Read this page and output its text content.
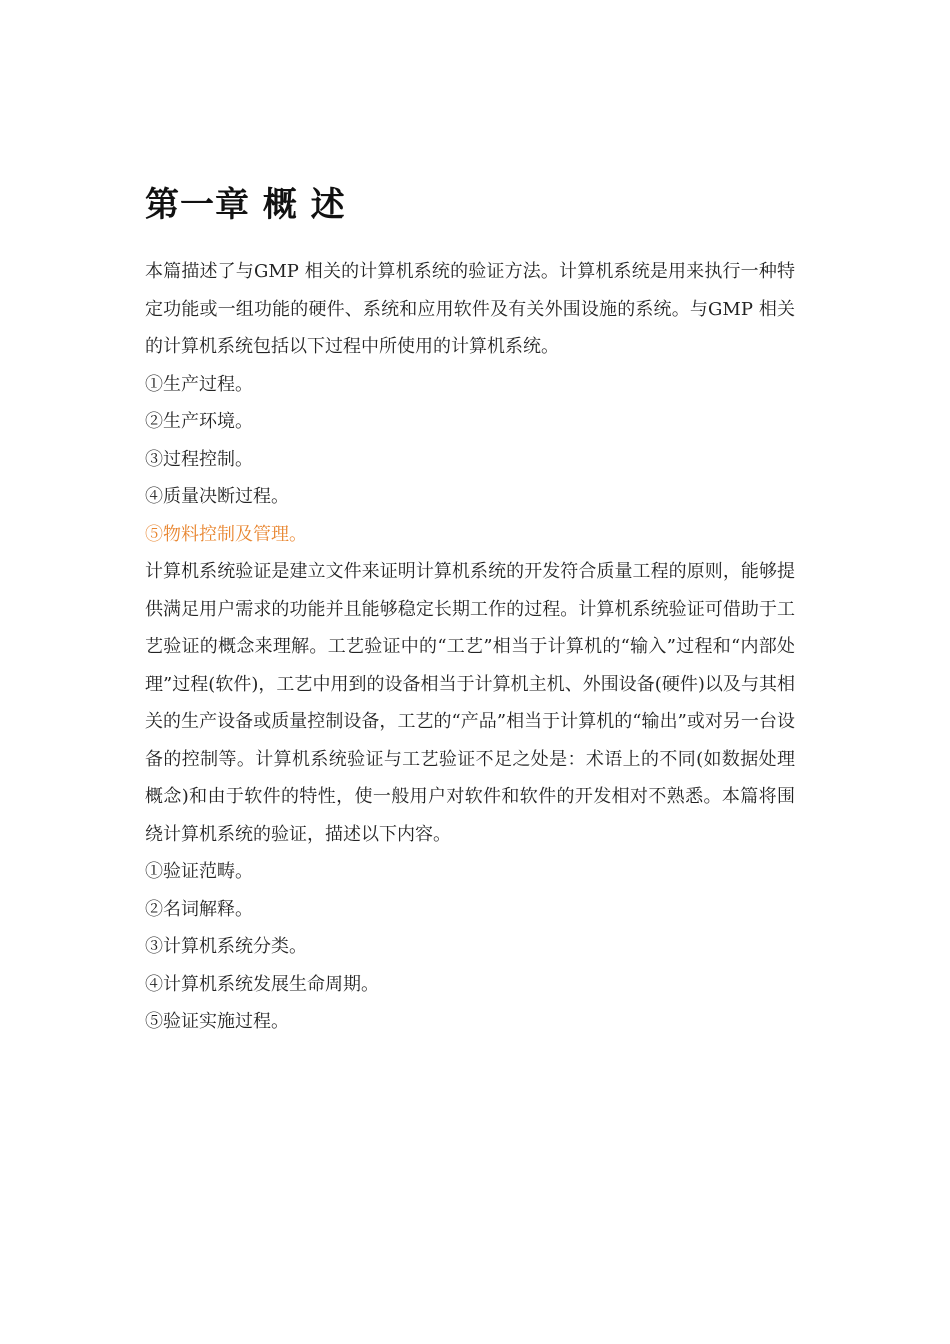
第一章 概 述

本篇描述了与GMP 相关的计算机系统的验证方法。计算机系统是用来执行一种特定功能或一组功能的硬件、系统和应用软件及有关外围设施的系统。与GMP 相关的计算机系统包括以下过程中所使用的计算机系统。

①生产过程。
②生产环境。
③过程控制。
④质量决断过程。
⑤物料控制及管理。

计算机系统验证是建立文件来证明计算机系统的开发符合质量工程的原则，能够提供满足用户需求的功能并且能够稳定长期工作的过程。计算机系统验证可借助于工艺验证的概念来理解。工艺验证中的“工艺”相当于计算机的“输入”过程和“内部处理”过程(软件)，工艺中用到的设备相当于计算机主机、外围设备(硬件)以及与其相关的生产设备或质量控制设备，工艺的“产品”相当于计算机的“输出”或对另一台设备的控制等。计算机系统验证与工艺验证不足之处是：术语上的不同(如数据处理概念)和由于软件的特性，使一般用户对软件和软件的开发相对不熟悉。本篇将围绕计算机系统的验证，描述以下内容。

①验证范畴。
②名词解释。
③计算机系统分类。
④计算机系统发展生命周期。
⑤验证实施过程。
